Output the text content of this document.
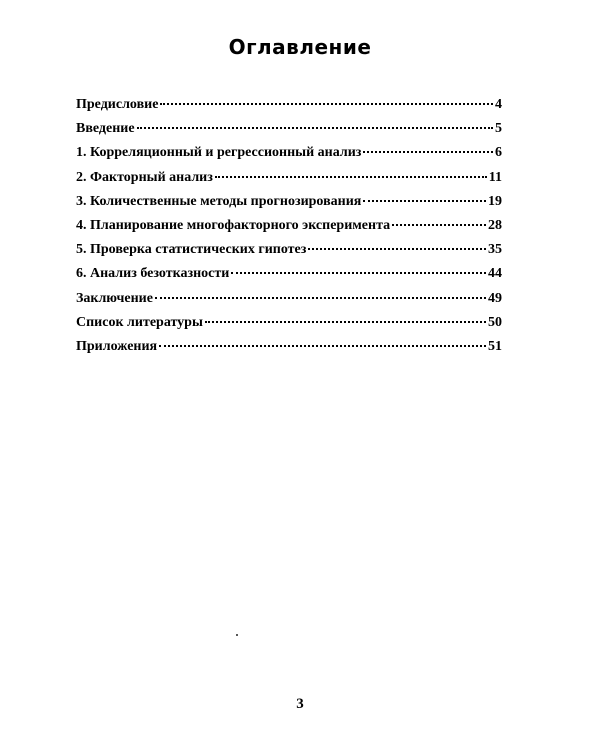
Оглавление
Предисловие	4
Введение	5
1. Корреляционный и регрессионный анализ	6
2. Факторный анализ	11
3. Количественные методы прогнозирования	19
4. Планирование многофакторного эксперимента	28
5. Проверка статистических гипотез	35
6. Анализ безотказности	44
Заключение	49
Список литературы	50
Приложения	51
3
